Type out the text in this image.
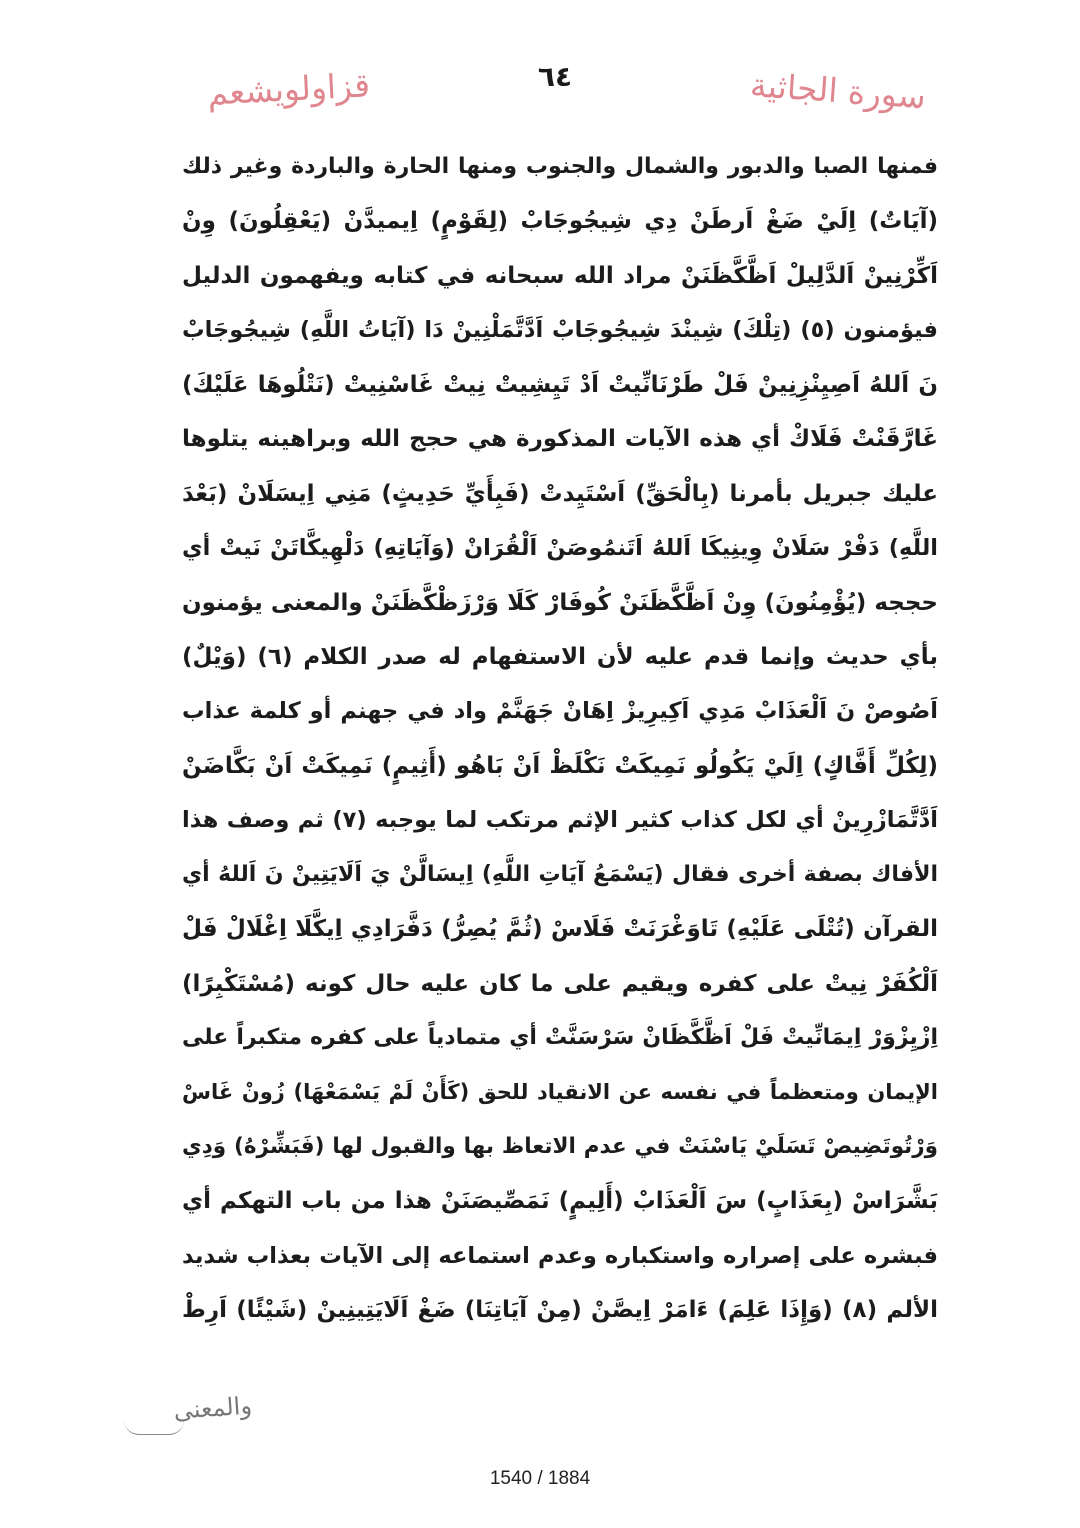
قزاولويشعم	٦٤	سورة الجاثية
فمنها الصبا والدبور والشمال والجنوب ومنها الحارة والباردة وغير ذلك
(آيَاتٌ) اِلَيْ ضَغْ اَرطَنْ دِي شِيجُوجَابْ (لِقَوْمٍ) اِيميدَّنْ (يَعْقِلُونَ) وِنْ
اَكِّرْنِينْ اَلدَّلِيلْ اَظَّكَّظَنَنْ مراد الله سبحانه في كتابه ويفهمون الدليل
فيؤمنون (٥) (تِلْكَ) شِينْدَ شِيجُوجَابْ اَدَّتَّمَلْنِينْ دَا (آيَاتُ اللَّهِ) شِيجُوجَابْ
نَ اَللهُ اَصِيِنْزِنِينْ فَلْ طَرْنَانِّيتْ اَدْ تَيِشِيتْ نِيتْ غَاسْنِيتْ (نَتْلُوهَا عَلَيْكَ)
غَارَّقَنْتْ فَلَاكْ أي هذه الآيات المذكورة هي حجج الله وبراهينه يتلوها
عليك جبريل بأمرنا (بِالْحَقِّ) اَسْتَيِدتْ (فَبِأَيِّ حَدِيثٍ) مَنِي اِيسَلَانْ (بَعْدَ
اللَّهِ) دَفْرْ سَلَانْ وِينِيكَا اَللهُ اَتَنمُوصَنْ اَلْقُرَانْ (وَآيَاتِهِ) دَلْهِيكَّاتَنْ نَيتْ أي
حججه (يُؤْمِنُونَ) وِنْ اَظَّكَّظَنَنْ كُوفَارْ كَلَا وَرْزَظْكَّظَنَنْ والمعنى يؤمنون
بأي حديث وإنما قدم عليه لأن الاستفهام له صدر الكلام (٦) (وَيْلٌ)
اَصُوصْ نَ اَلْعَذَابْ مَدِي اَكِيرِيزْ اِهَانْ جَهَنَّمْ واد في جهنم أو كلمة عذاب
(لِكُلِّ أَفَّاكٍ) اِلَيْ يَكُولُو نَمِيكَتْ نَكْلَظْ اَنْ بَاهُو (أَثِيمٍ) نَمِيكَتْ اَنْ بَكَّاضَنْ
اَدَّتَّمَازْرِينْ أي لكل كذاب كثير الإثم مرتكب لما يوجبه (٧) ثم وصف هذا
الأفاك بصفة أخرى فقال (يَسْمَعُ آيَاتِ اللَّهِ) اِيسَالَّنْ يَ اَلَايَتِينْ نَ اَللهُ أي
القرآن (تُتْلَى عَلَيْهِ) تَاوَغْرَنَتْ فَلَاسْ (ثُمَّ يُصِرُّ) دَفَّرَادِي اِيكَّلَا اِغْلَالْ فَلْ
اَلْكُفَرْ نِيتْ على كفره ويقيم على ما كان عليه حال كونه (مُسْتَكْبِرًا)
اِزْيِزْوَرْ اِيمَانِّيتْ فَلْ اَظَّكَّظَانْ سَرْسَنَّتْ أي متمادياً على كفره متكبراً على
الإيمان ومتعظماً في نفسه عن الانقياد للحق (كَأَنْ لَمْ يَسْمَعْهَا) زُونْ غَاسْ
وَرْتُوتَضِيصْ تَسَلَيْ يَاسْنَتْ في عدم الاتعاظ بها والقبول لها (فَبَشِّرْهُ) وَدِي
بَشَّرَاسْ (بِعَذَابٍ) سَ اَلْعَذَابْ (أَلِيمٍ) نَمَصِّيصَنَنْ هذا من باب التهكم أي
فبشره على إصراره واستكباره وعدم استماعه إلى الآيات بعذاب شديد
الألم (٨) (وَإِذَا عَلِمَ) ءَامَرْ اِيصَّنْ (مِنْ آيَاتِنَا) ضَغْ اَلَايَتِينِينْ (شَيْئًا) اَرِطْ
والمعنى
1540 / 1884
